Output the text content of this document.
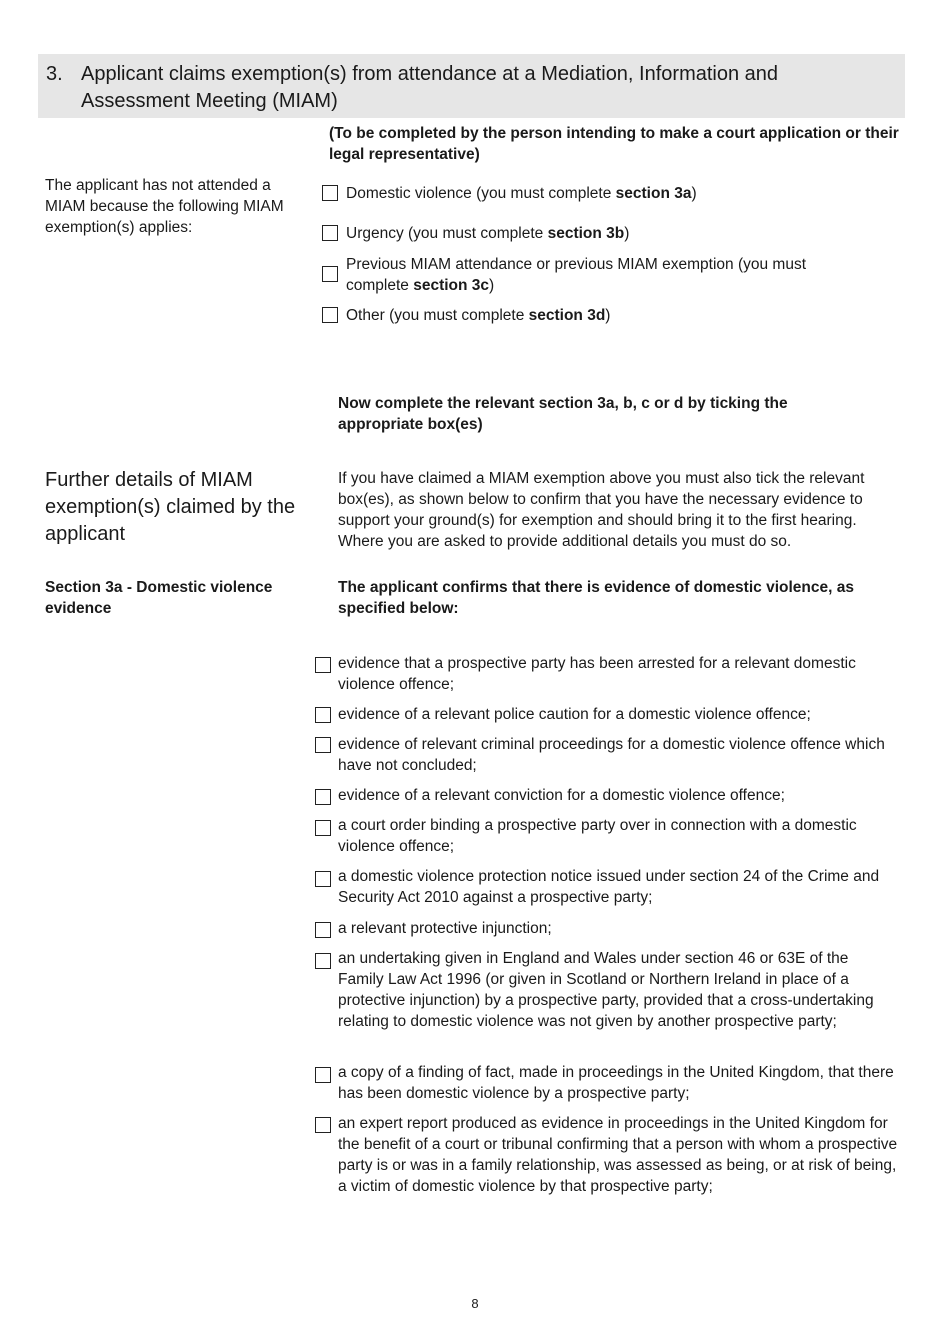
3. Applicant claims exemption(s) from attendance at a Mediation, Information and Assessment Meeting (MIAM)
(To be completed by the person intending to make a court application or their legal representative)
The applicant has not attended a MIAM because the following MIAM exemption(s) applies:
Domestic violence (you must complete section 3a)
Urgency (you must complete section 3b)
Previous MIAM attendance or previous MIAM exemption (you must complete section 3c)
Other (you must complete section 3d)
Now complete the relevant section 3a, b, c or d by ticking the appropriate box(es)
Further details of MIAM exemption(s) claimed by the applicant
If you have claimed a MIAM exemption above you must also tick the relevant box(es), as shown below to confirm that you have the necessary evidence to support your ground(s) for exemption and should bring it to the first hearing. Where you are asked to provide additional details you must do so.
Section 3a - Domestic violence evidence
The applicant confirms that there is evidence of domestic violence, as specified below:
evidence that a prospective party has been arrested for a relevant domestic violence offence;
evidence of a relevant police caution for a domestic violence offence;
evidence of relevant criminal proceedings for a domestic violence offence which have not concluded;
evidence of a relevant conviction for a domestic violence offence;
a court order binding a prospective party over in connection with a domestic violence offence;
a domestic violence protection notice issued under section 24 of the Crime and Security Act 2010 against a prospective party;
a relevant protective injunction;
an undertaking given in England and Wales under section 46 or 63E of the Family Law Act 1996 (or given in Scotland or Northern Ireland in place of a protective injunction) by a prospective party, provided that a cross-undertaking relating to domestic violence was not given by another prospective party;
a copy of a finding of fact, made in proceedings in the United Kingdom, that there has been domestic violence by a prospective party;
an expert report produced as evidence in proceedings in the United Kingdom for the benefit of a court or tribunal confirming that a person with whom a prospective party is or was in a family relationship, was assessed as being, or at risk of being, a victim of domestic violence by that prospective party;
8
